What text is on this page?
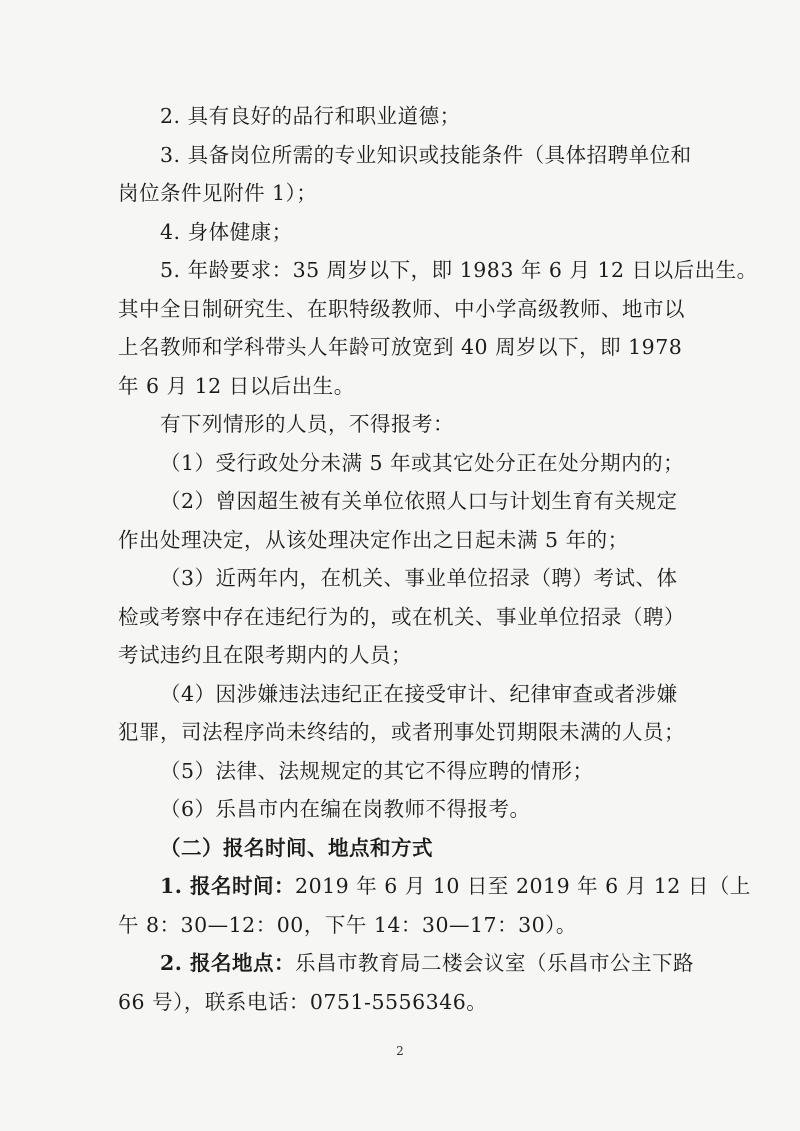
2. 具有良好的品行和职业道德；
3. 具备岗位所需的专业知识或技能条件（具体招聘单位和
岗位条件见附件 1）；
4. 身体健康；
5. 年龄要求：35 周岁以下，即 1983 年 6 月 12 日以后出生。
其中全日制研究生、在职特级教师、中小学高级教师、地市以
上名教师和学科带头人年龄可放宽到 40 周岁以下，即 1978
年 6 月 12 日以后出生。
有下列情形的人员，不得报考：
（1）受行政处分未满 5 年或其它处分正在处分期内的；
（2）曾因超生被有关单位依照人口与计划生育有关规定
作出处理决定，从该处理决定作出之日起未满 5 年的；
（3）近两年内，在机关、事业单位招录（聘）考试、体
检或考察中存在违纪行为的，或在机关、事业单位招录（聘）
考试违约且在限考期内的人员；
（4）因涉嫌违法违纪正在接受审计、纪律审查或者涉嫌
犯罪，司法程序尚未终结的，或者刑事处罚期限未满的人员；
（5）法律、法规规定的其它不得应聘的情形；
（6）乐昌市内在编在岗教师不得报考。
（二）报名时间、地点和方式
1. 报名时间：2019 年 6 月 10 日至 2019 年 6 月 12 日（上
午 8：30—12：00，下午 14：30—17：30）。
2. 报名地点：乐昌市教育局二楼会议室（乐昌市公主下路
66 号），联系电话：0751-5556346。
2
